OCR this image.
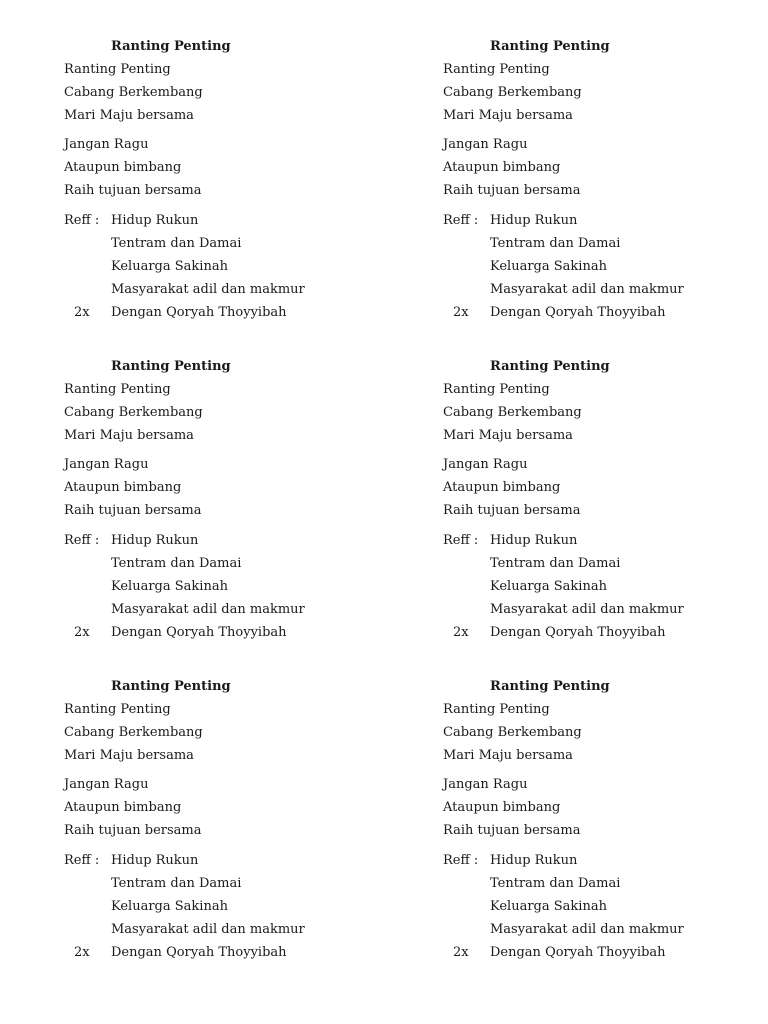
Ranting Penting
Ranting Penting
Cabang Berkembang
Mari Maju bersama
Jangan Ragu
Ataupun bimbang
Raih tujuan bersama
Reff : Hidup Rukun
Tentram dan Damai
Keluarga Sakinah
Masyarakat adil dan makmur
2x Dengan Qoryah Thoyyibah
Ranting Penting
Ranting Penting
Cabang Berkembang
Mari Maju bersama
Jangan Ragu
Ataupun bimbang
Raih tujuan bersama
Reff : Hidup Rukun
Tentram dan Damai
Keluarga Sakinah
Masyarakat adil dan makmur
2x Dengan Qoryah Thoyyibah
Ranting Penting
Ranting Penting
Cabang Berkembang
Mari Maju bersama
Jangan Ragu
Ataupun bimbang
Raih tujuan bersama
Reff : Hidup Rukun
Tentram dan Damai
Keluarga Sakinah
Masyarakat adil dan makmur
2x Dengan Qoryah Thoyyibah
Ranting Penting
Ranting Penting
Cabang Berkembang
Mari Maju bersama
Jangan Ragu
Ataupun bimbang
Raih tujuan bersama
Reff : Hidup Rukun
Tentram dan Damai
Keluarga Sakinah
Masyarakat adil dan makmur
2x Dengan Qoryah Thoyyibah
Ranting Penting
Ranting Penting
Cabang Berkembang
Mari Maju bersama
Jangan Ragu
Ataupun bimbang
Raih tujuan bersama
Reff : Hidup Rukun
Tentram dan Damai
Keluarga Sakinah
Masyarakat adil dan makmur
2x Dengan Qoryah Thoyyibah
Ranting Penting
Ranting Penting
Cabang Berkembang
Mari Maju bersama
Jangan Ragu
Ataupun bimbang
Raih tujuan bersama
Reff : Hidup Rukun
Tentram dan Damai
Keluarga Sakinah
Masyarakat adil dan makmur
2x Dengan Qoryah Thoyyibah
